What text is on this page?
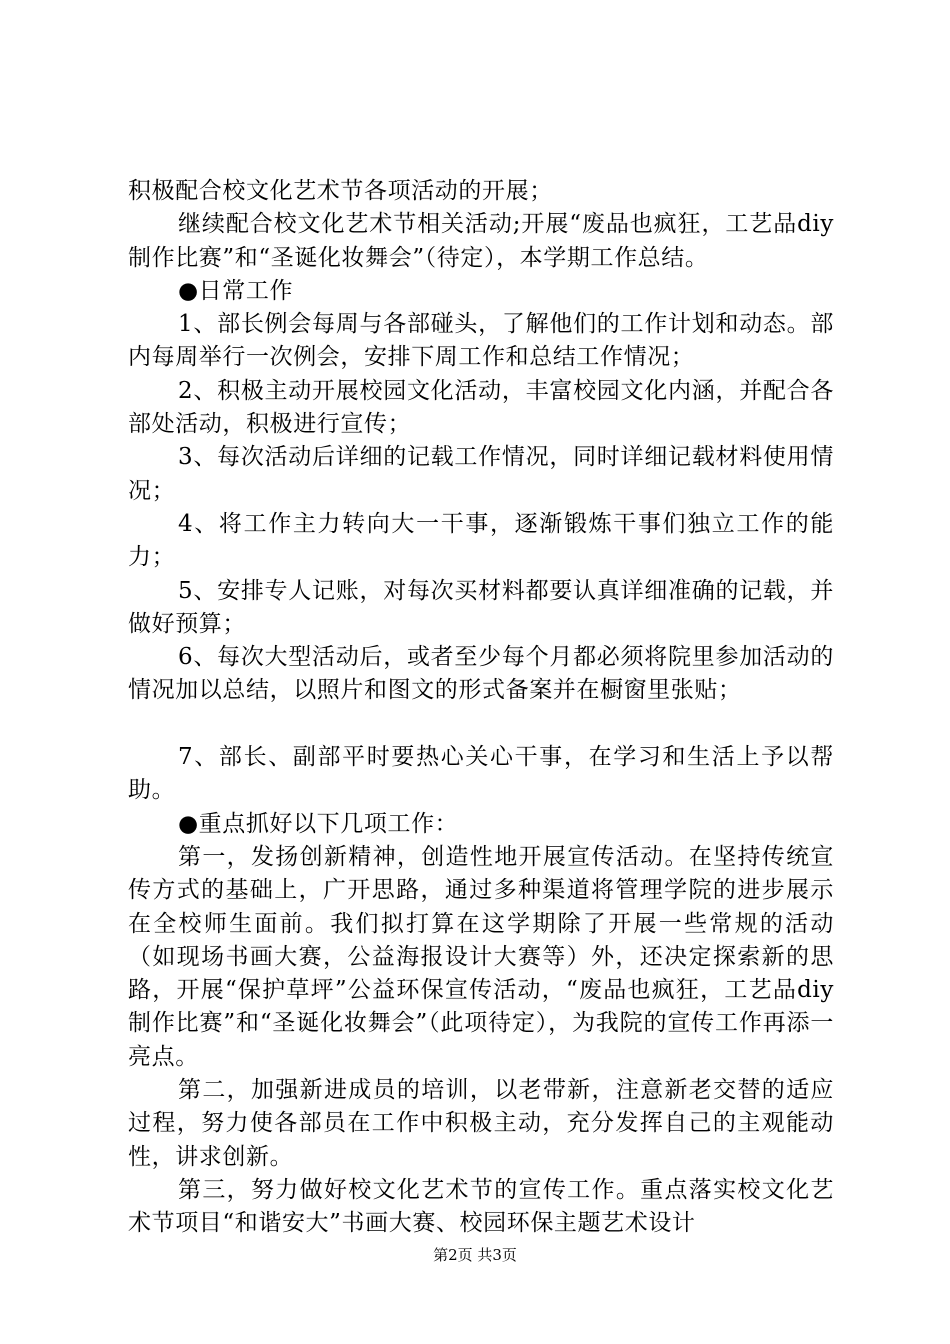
积极配合校文化艺术节各项活动的开展；

继续配合校文化艺术节相关活动;开展“废品也疯狂，工艺品diy制作比赛”和“圣诞化妆舞会”（待定），本学期工作总结。

●日常工作

1、部长例会每周与各部碰头，了解他们的工作计划和动态。部内每周举行一次例会，安排下周工作和总结工作情况；

2、积极主动开展校园文化活动，丰富校园文化内涵，并配合各部处活动，积极进行宣传；

3、每次活动后详细的记载工作情况，同时详细记载材料使用情况；

4、将工作主力转向大一干事，逐渐锻炼干事们独立工作的能力；

5、安排专人记账，对每次买材料都要认真详细准确的记载，并做好预算；

6、每次大型活动后，或者至少每个月都必须将院里参加活动的情况加以总结，以照片和图文的形式备案并在橱窗里张贴；

7、部长、副部平时要热心关心干事，在学习和生活上予以帮助。

●重点抓好以下几项工作：

第一，发扬创新精神，创造性地开展宣传活动。在坚持传统宣传方式的基础上，广开思路，通过多种渠道将管理学院的进步展示在全校师生面前。我们拟打算在这学期除了开展一些常规的活动（如现场书画大赛，公益海报设计大赛等）外，还决定探索新的思路，开展“保护草坪”公益环保宣传活动，“废品也疯狂，工艺品diy制作比赛”和“圣诞化妆舞会”（此项待定），为我院的宣传工作再添一亮点。

第二，加强新进成员的培训，以老带新，注意新老交替的适应过程，努力使各部员在工作中积极主动，充分发挥自己的主观能动性，讲求创新。

第三，努力做好校文化艺术节的宣传工作。重点落实校文化艺术节项目“和谐安大”书画大赛、校园环保主题艺术设计

第2页 共3页
